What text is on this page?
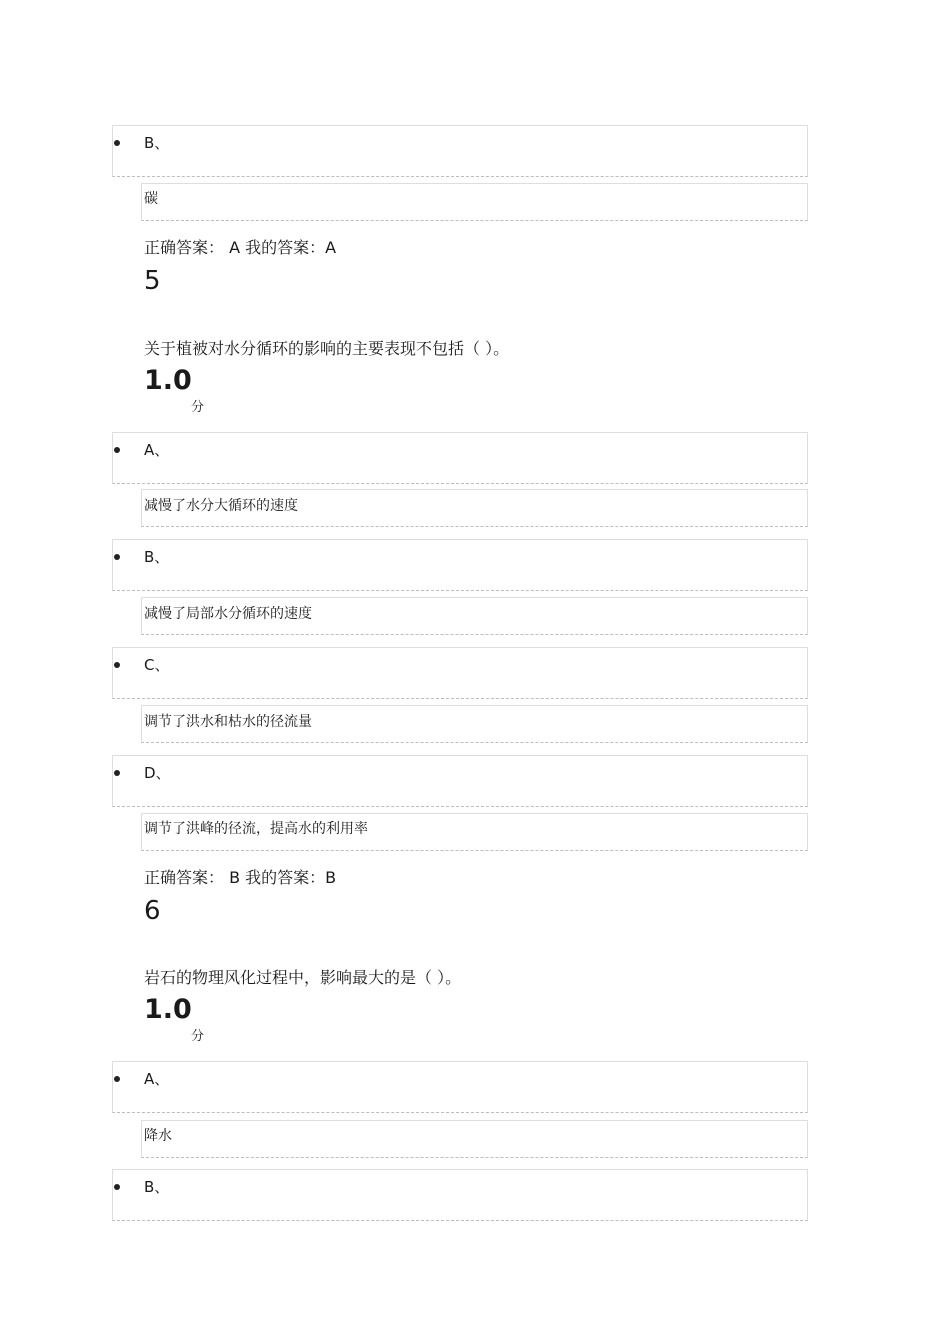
B、
碳
正确答案： A 我的答案：A
5
关于植被对水分循环的影响的主要表现不包括（ ）。
1.0
分
A、
减慢了水分大循环的速度
B、
减慢了局部水分循环的速度
C、
调节了洪水和枯水的径流量
D、
调节了洪峰的径流，提高水的利用率
正确答案： B 我的答案：B
6
岩石的物理风化过程中，影响最大的是（ ）。
1.0
分
A、
降水
B、
